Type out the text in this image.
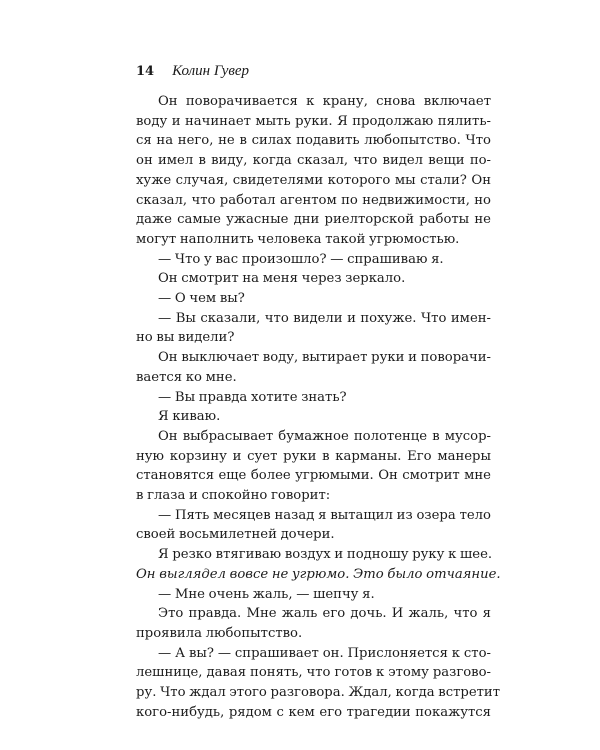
14 Колин Гувер
Он поворачивается к крану, снова включает
воду и начинает мыть руки. Я продолжаю пялить-
ся на него, не в силах подавить любопытство. Что
он имел в виду, когда сказал, что видел вещи по-
хуже случая, свидетелями которого мы стали? Он
сказал, что работал агентом по недвижимости, но
даже самые ужасные дни риелторской работы не
могут наполнить человека такой угрюмостью.
— Что у вас произошло? — спрашиваю я.
Он смотрит на меня через зеркало.
— О чем вы?
— Вы сказали, что видели и похуже. Что имен-
но вы видели?
Он выключает воду, вытирает руки и поворачи-
вается ко мне.
— Вы правда хотите знать?
Я киваю.
Он выбрасывает бумажное полотенце в мусор-
ную корзину и сует руки в карманы. Его манеры
становятся еще более угрюмыми. Он смотрит мне
в глаза и спокойно говорит:
— Пять месяцев назад я вытащил из озера тело
своей восьмилетней дочери.
Я резко втягиваю воздух и подношу руку к шее.
Он выглядел вовсе не угрюмо. Это было отчаяние.
— Мне очень жаль, — шепчу я.
Это правда. Мне жаль его дочь. И жаль, что я
проявила любопытство.
— А вы? — спрашивает он. Прислоняется к сто-
лешнице, давая понять, что готов к этому разгово-
ру. Что ждал этого разговора. Ждал, когда встретит
кого-нибудь, рядом с кем его трагедии покажутся
